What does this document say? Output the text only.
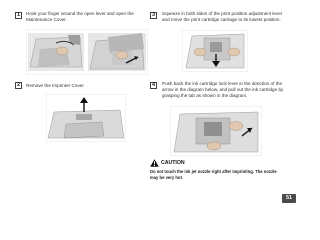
1	Hook your finger around the open lever and open the Maintenance Cover.
2	Remove the Imprinter Cover.
3	Squeeze in both sides of the print position adjustment lever and move the print cartridge carriage to its lowest position.
4	Push back the ink cartridge lock lever in the direction of the arrow in the diagram below, and pull out the ink cartridge by grasping the tab as shown in the diagram.
CAUTION
Do not touch the ink jet nozzle right after imprinting. The nozzle may be very hot.
51
